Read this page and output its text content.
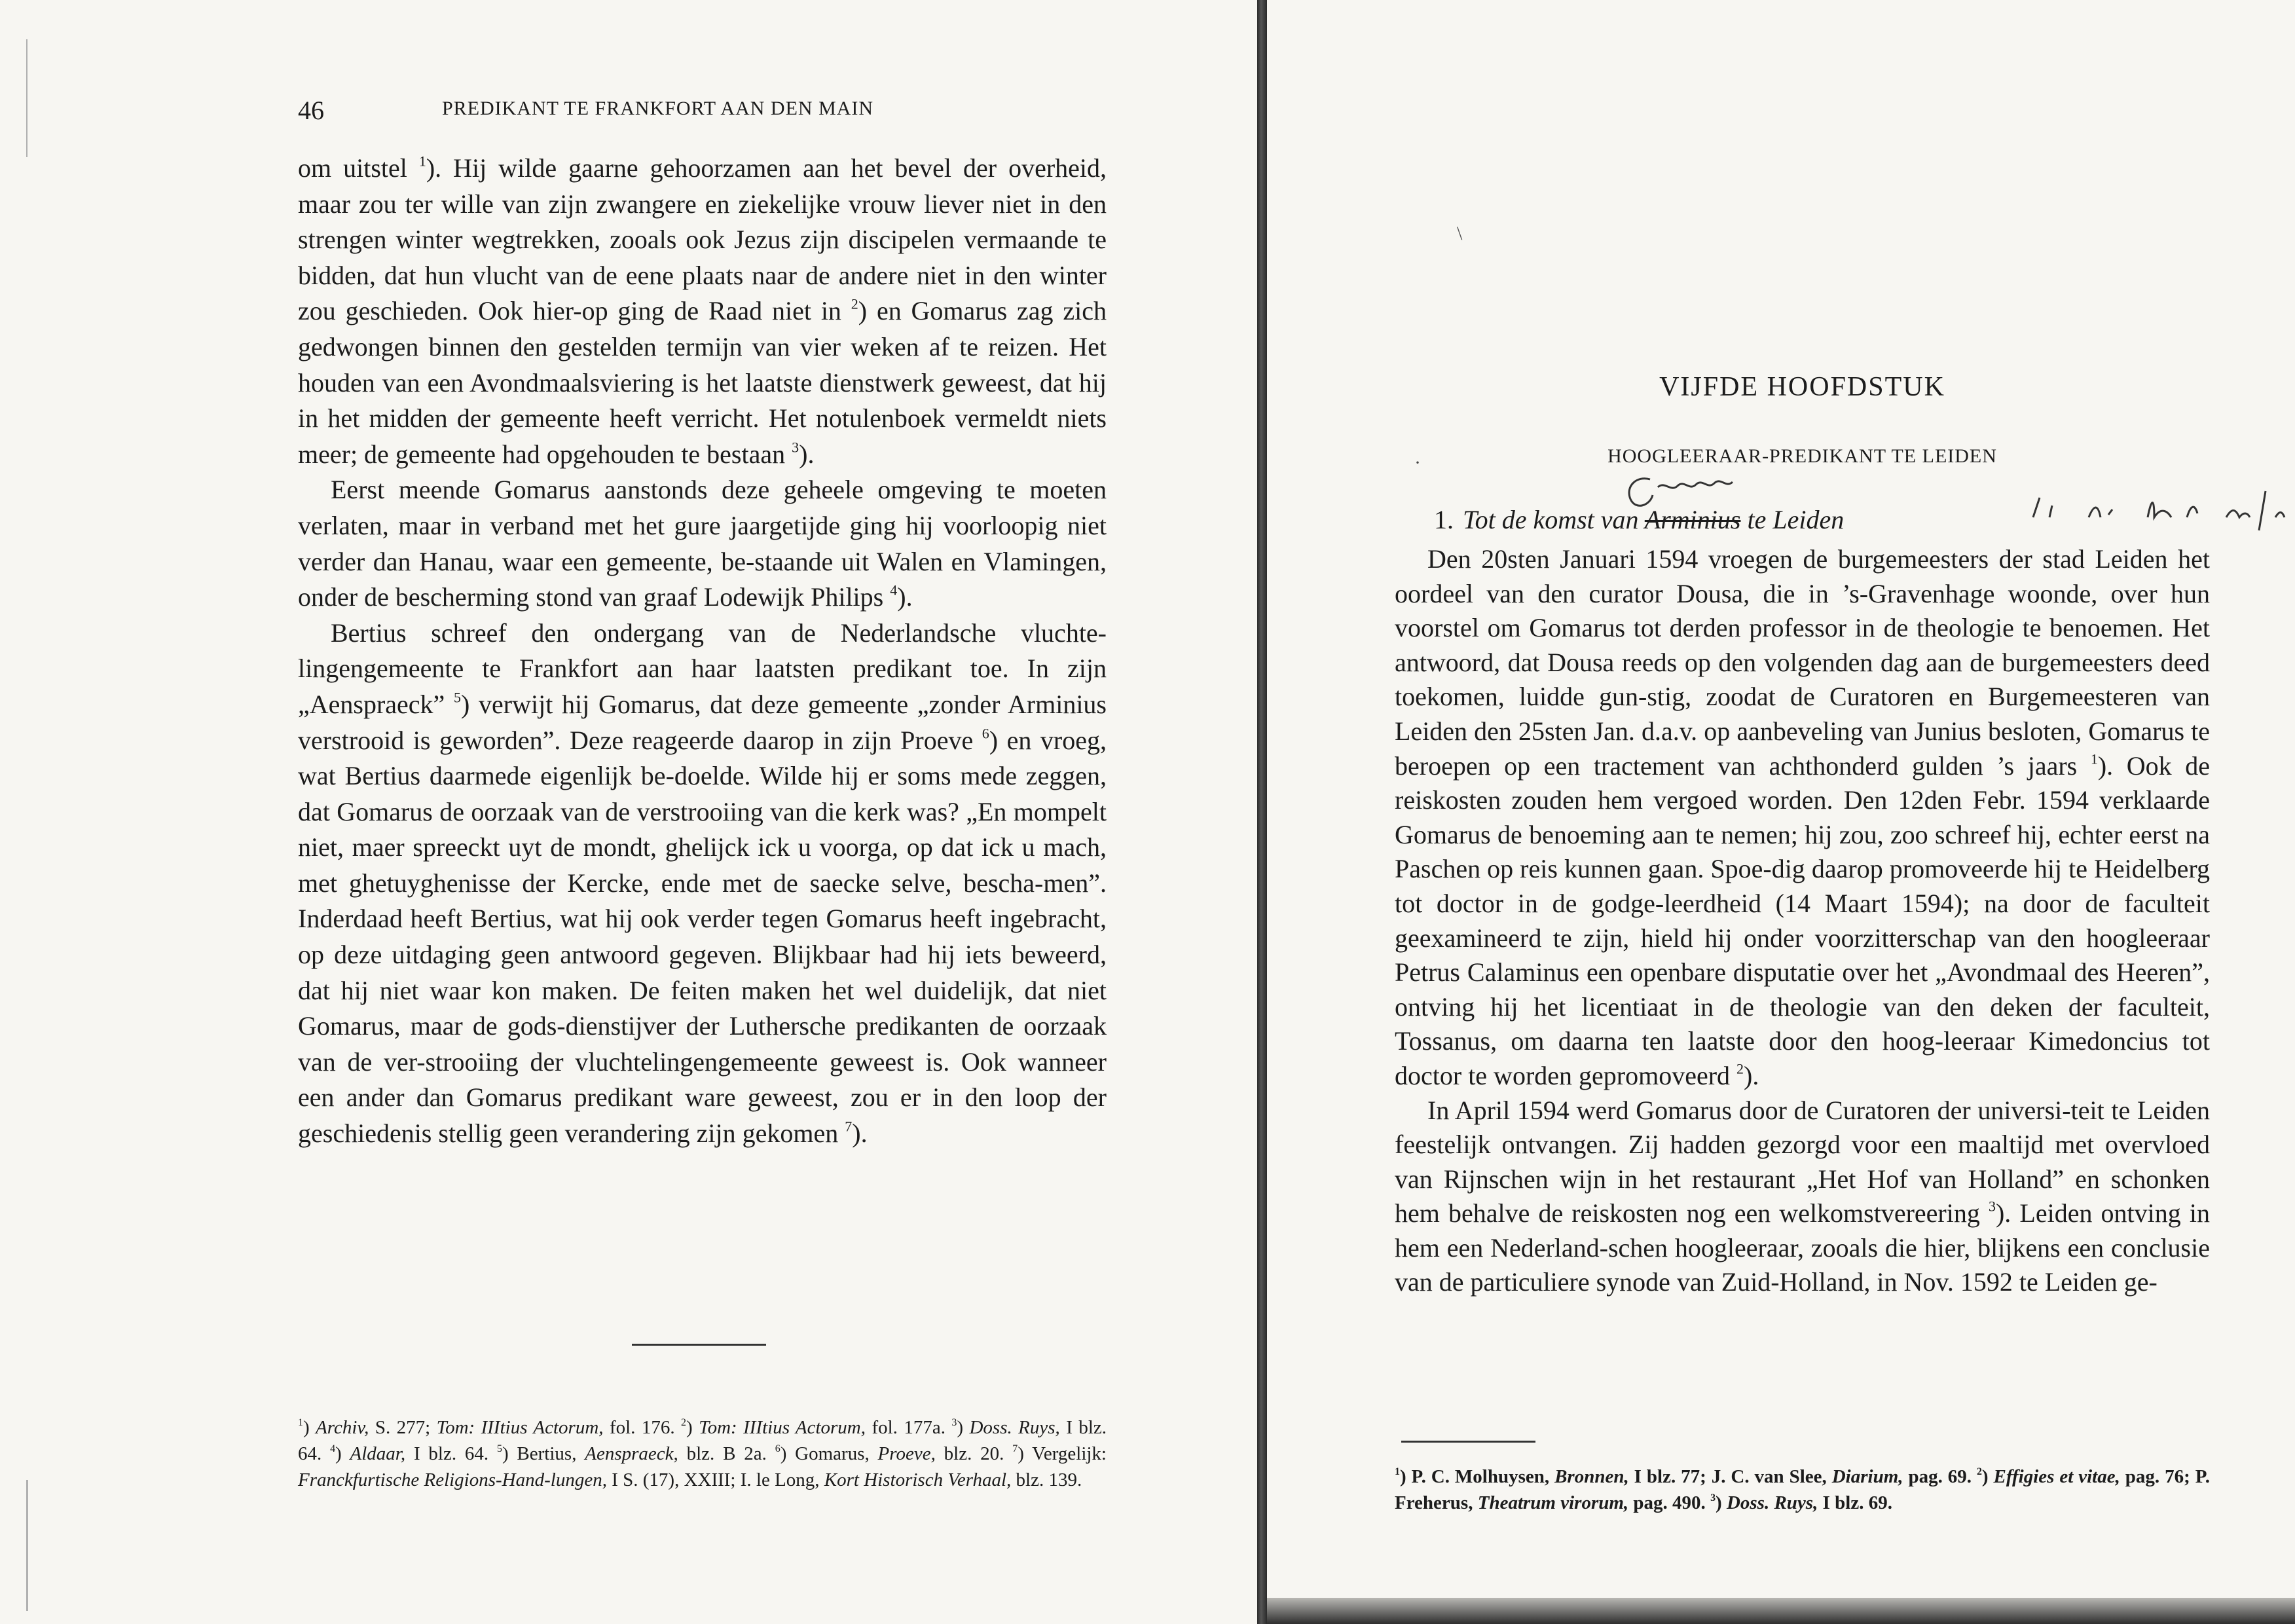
\
46	PREDIKANT TE FRANKFORT AAN DEN MAIN

om uitstel $^1$). Hij wilde gaarne gehoorzamen aan het bevel der overheid, maar zou ter wille van zijn zwangere en ziekelijke vrouw liever niet in den strengen winter wegtrekken, zooals ook Jezus zijn discipelen vermaande te bidden, dat hun vlucht van de eene plaats naar de andere niet in den winter zou geschieden. Ook hier-op ging de Raad niet in $^2$) en Gomarus zag zich gedwongen binnen den gestelden termijn van vier weken af te reizen. Het houden van een Avondmaalsviering is het laatste dienstwerk geweest, dat hij in het midden der gemeente heeft verricht. Het notulenboek vermeldt niets meer; de gemeente had opgehouden te bestaan $^3$).

Eerst meende Gomarus aanstonds deze geheele omgeving te moeten verlaten, maar in verband met het gure jaargetijde ging hij voorloopig niet verder dan Hanau, waar een gemeente, be-staande uit Walen en Vlamingen, onder de bescherming stond van graaf Lodewijk Philips $^4$).

Bertius schreef den ondergang van de Nederlandsche vluchte-lingengemeente te Frankfort aan haar laatsten predikant toe. In zijn „Aenspraeck” $^5$) verwijt hij Gomarus, dat deze gemeente „zonder Arminius verstrooid is geworden”. Deze reageerde daarop in zijn Proeve $^6$) en vroeg, wat Bertius daarmede eigenlijk be-doelde. Wilde hij er soms mede zeggen, dat Gomarus de oorzaak van de verstrooiing van die kerk was? „En mompelt niet, maer spreeckt uyt de mondt, ghelijck ick u voorga, op dat ick u mach, met ghetuyghenisse der Kercke, ende met de saecke selve, bescha-men”. Inderdaad heeft Bertius, wat hij ook verder tegen Gomarus heeft ingebracht, op deze uitdaging geen antwoord gegeven. Blijkbaar had hij iets beweerd, dat hij niet waar kon maken. De feiten maken het wel duidelijk, dat niet Gomarus, maar de gods-dienstijver der Luthersche predikanten de oorzaak van de ver-strooiing der vluchtelingengemeente geweest is. Ook wanneer een ander dan Gomarus predikant ware geweest, zou er in den loop der geschiedenis stellig geen verandering zijn gekomen $^7$).

$^1$) Archiv, S. 277; Tom: IIItius Actorum, fol. 176. $^2$) Tom: IIItius Actorum, fol. 177a. $^3$) Doss. Ruys, I blz. 64. $^4$) Aldaar, I blz. 64. $^5$) Bertius, Aenspraeck, blz. B 2a. $^6$) Gomarus, Proeve, blz. 20. $^7$) Vergelijk: Franckfurtische Religions-Hand-lungen, I S. (17), XXIII; I. le Long, Kort Historisch Verhaal, blz. 139.

VIJFDE HOOFDSTUK
·	HOOGLEERAAR-PREDIKANT TE LEIDEN
1. Tot de komst van Arminius te Leiden

Den 20sten Januari 1594 vroegen de burgemeesters der stad Leiden het oordeel van den curator Dousa, die in ’s-Gravenhage woonde, over hun voorstel om Gomarus tot derden professor in de theologie te benoemen. Het antwoord, dat Dousa reeds op den volgenden dag aan de burgemeesters deed toekomen, luidde gun-stig, zoodat de Curatoren en Burgemeesteren van Leiden den 25sten Jan. d.a.v. op aanbeveling van Junius besloten, Gomarus te beroepen op een tractement van achthonderd gulden ’s jaars $^1$). Ook de reiskosten zouden hem vergoed worden. Den 12den Febr. 1594 verklaarde Gomarus de benoeming aan te nemen; hij zou, zoo schreef hij, echter eerst na Paschen op reis kunnen gaan. Spoe-dig daarop promoveerde hij te Heidelberg tot doctor in de godge-leerdheid (14 Maart 1594); na door de faculteit geexamineerd te zijn, hield hij onder voorzitterschap van den hoogleeraar Petrus Calaminus een openbare disputatie over het „Avondmaal des Heeren”, ontving hij het licentiaat in de theologie van den deken der faculteit, Tossanus, om daarna ten laatste door den hoog-leeraar Kimedoncius tot doctor te worden gepromoveerd $^2$).

In April 1594 werd Gomarus door de Curatoren der universi-teit te Leiden feestelijk ontvangen. Zij hadden gezorgd voor een maaltijd met overvloed van Rijnschen wijn in het restaurant „Het Hof van Holland” en schonken hem behalve de reiskosten nog een welkomstvereering $^3$). Leiden ontving in hem een Nederland-schen hoogleeraar, zooals die hier, blijkens een conclusie van de particuliere synode van Zuid-Holland, in Nov. 1592 te Leiden ge-

$^1$) P. C. Molhuysen, Bronnen, I blz. 77; J. C. van Slee, Diarium, pag. 69. $^2$) Effigies et vitae, pag. 76; P. Freherus, Theatrum virorum, pag. 490. $^3$) Doss. Ruys, I blz. 69.
